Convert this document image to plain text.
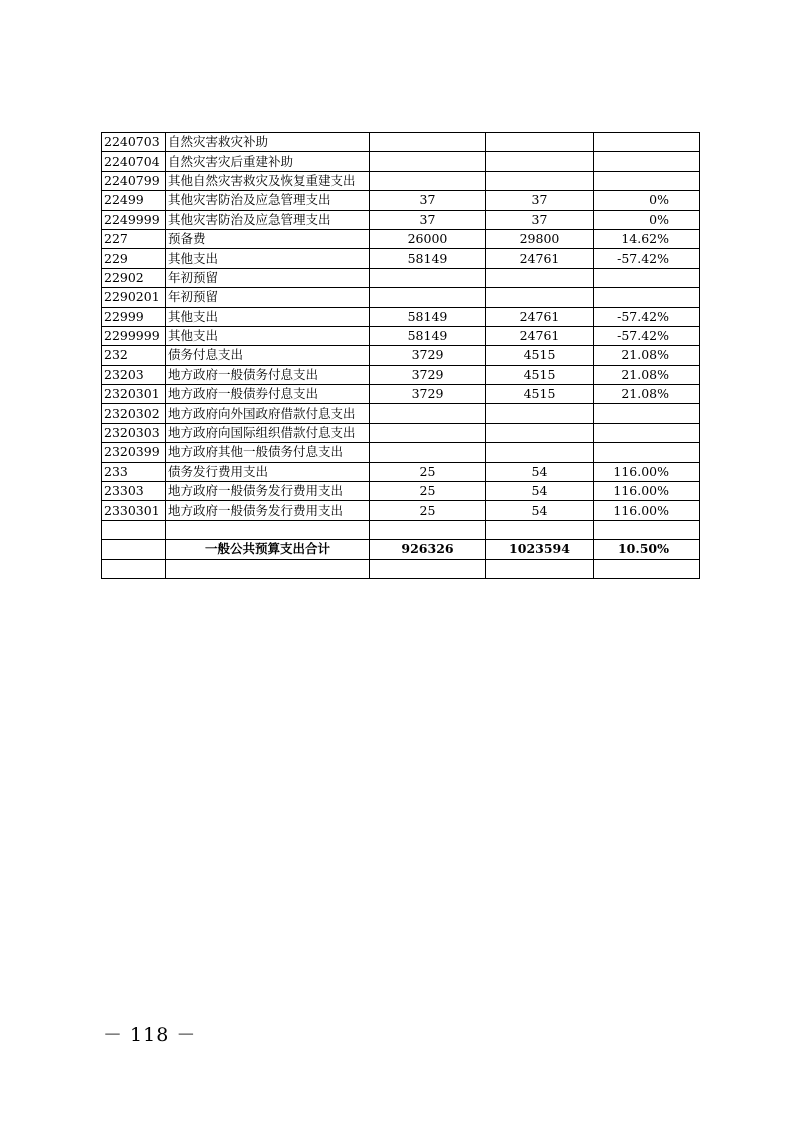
2240703	自然灾害救灾补助			
2240704	自然灾害灾后重建补助			
2240799	其他自然灾害救灾及恢复重建支出			
22499	其他灾害防治及应急管理支出	37	37	0%
2249999	其他灾害防治及应急管理支出	37	37	0%
227	预备费	26000	29800	14.62%
229	其他支出	58149	24761	-57.42%
22902	年初预留			
2290201	年初预留			
22999	其他支出	58149	24761	-57.42%
2299999	其他支出	58149	24761	-57.42%
232	债务付息支出	3729	4515	21.08%
23203	地方政府一般债务付息支出	3729	4515	21.08%
2320301	地方政府一般债券付息支出	3729	4515	21.08%
2320302	地方政府向外国政府借款付息支出			
2320303	地方政府向国际组织借款付息支出			
2320399	地方政府其他一般债务付息支出			
233	债务发行费用支出	25	54	116.00%
23303	地方政府一般债务发行费用支出	25	54	116.00%
2330301	地方政府一般债务发行费用支出	25	54	116.00%

	一般公共预算支出合计	926326	1023594	10.50%

－ 118 －
